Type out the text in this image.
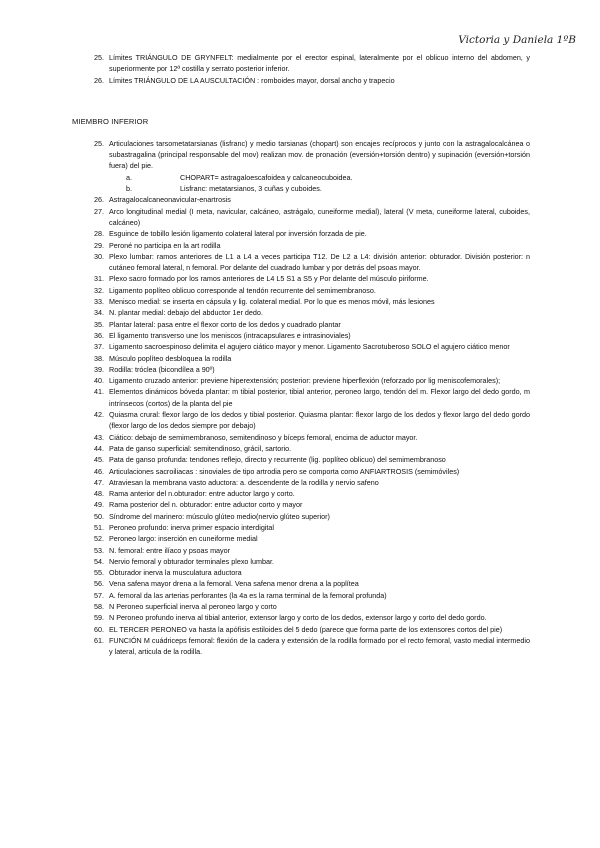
Victoria y Daniela 1ºB

25. Límites TRIÁNGULO DE GRYNFELT: medialmente por el erector espinal, lateralmente por el oblicuo interno del abdomen, y superiormente por 12ª costilla y serrato posterior inferior.

26. Límites TRIÁNGULO DE LA AUSCULTACIÓN : romboides mayor, dorsal ancho y trapecio

MIEMBRO INFERIOR

25. Articulaciones tarsometatarsianas (lisfranc) y medio tarsianas (chopart) son encajes recíprocos y junto con la astragalocalcánea o subastragalina (principal responsable del mov) realizan mov. de pronación (eversión+torsión dentro) y supinación (eversión+torsión fuera) del pie.

a.	CHOPART= astragaloescafoidea y calcaneocuboidea.

b.	Lisfranc: metatarsianos, 3 cuñas y cuboides.

26. Astragalocalcaneonavicular-enartrosis

27. Arco longitudinal medial (I meta, navicular, calcáneo, astrágalo, cuneiforme medial), lateral (V meta, cuneiforme lateral, cuboides, calcáneo)

28. Esguince de tobillo lesión ligamento colateral lateral por inversión forzada de pie.

29. Peroné no participa en la art rodilla

30. Plexo lumbar: ramos anteriores de L1 a L4 a veces participa T12. De L2 a L4: división anterior: obturador. División posterior: n cutáneo femoral lateral, n femoral. Por delante del cuadrado lumbar y por detrás del psoas mayor.

31. Plexo sacro formado por los ramos anteriores de L4 L5 S1 a S5 y Por delante del músculo piriforme.

32. Ligamento poplíteo oblicuo corresponde al tendón recurrente del semimembranoso.

33. Menisco medial: se inserta en cápsula y lig. colateral medial. Por lo que es menos móvil, más lesiones

34. N. plantar medial: debajo del abductor 1er dedo.

35. Plantar lateral: pasa entre el flexor corto de los dedos y cuadrado plantar

36. El ligamento transverso une los meniscos (intracapsulares e intrasinoviales)

37. Ligamento sacroespinoso delimita el agujero ciático mayor y menor. Ligamento Sacrotuberoso SOLO el agujero ciático menor

38. Músculo poplíteo desbloquea la rodilla

39. Rodilla: tróclea (bicondílea a 90º)

40. Ligamento cruzado anterior: previene hiperextensión; posterior: previene hiperflexión (reforzado por lig meniscofemorales);

41. Elementos dinámicos bóveda plantar: m tibial posterior, tibial anterior, peroneo largo, tendón del m. Flexor largo del dedo gordo, m intrínsecos (cortos) de la planta del pie

42. Quiasma crural: flexor largo de los dedos y tibial posterior. Quiasma plantar: flexor largo de los dedos y flexor largo del dedo gordo (flexor largo de los dedos siempre por debajo)

43. Ciático: debajo de semimembranoso, semitendinoso y bíceps femoral, encima de aductor mayor.

44. Pata de ganso superficial: semitendinoso, grácil, sartorio.

45. Pata de ganso profunda: tendones reflejo, directo y recurrente (lig. poplíteo oblicuo) del semimembranoso

46. Articulaciones sacroiliacas : sinoviales de tipo artrodia pero se comporta como ANFIARTROSIS (semimóviles)

47. Atraviesan la membrana vasto aductora: a. descendente de la rodilla y nervio safeno

48. Rama anterior del n.obturador: entre aductor largo y corto.

49. Rama posterior del n. obturador: entre aductor corto y mayor

50. Síndrome del marinero: músculo glúteo medio(nervio glúteo superior)

51. Peroneo profundo: inerva primer espacio interdigital

52. Peroneo largo: inserción en cuneiforme medial

53. N. femoral: entre ilíaco y psoas mayor

54. Nervio femoral y obturador terminales plexo lumbar.

55. Obturador inerva la musculatura aductora

56. Vena safena mayor drena a la femoral. Vena safena menor drena a la poplítea

57. A. femoral da las arterias perforantes (la 4a es la rama terminal de la femoral profunda)

58. N Peroneo superficial inerva al peroneo largo y corto

59. N Peroneo profundo inerva al tibial anterior, extensor largo y corto de los dedos, extensor largo y corto del dedo gordo.

60. EL TERCER PERONEO va hasta la apófisis estiloides del 5 dedo (parece que forma parte de los extensores cortos del pie)

61. FUNCIÓN M cuádriceps femoral: flexión de la cadera y extensión de la rodilla formado por el recto femoral, vasto medial intermedio y lateral, articula de la rodilla.
